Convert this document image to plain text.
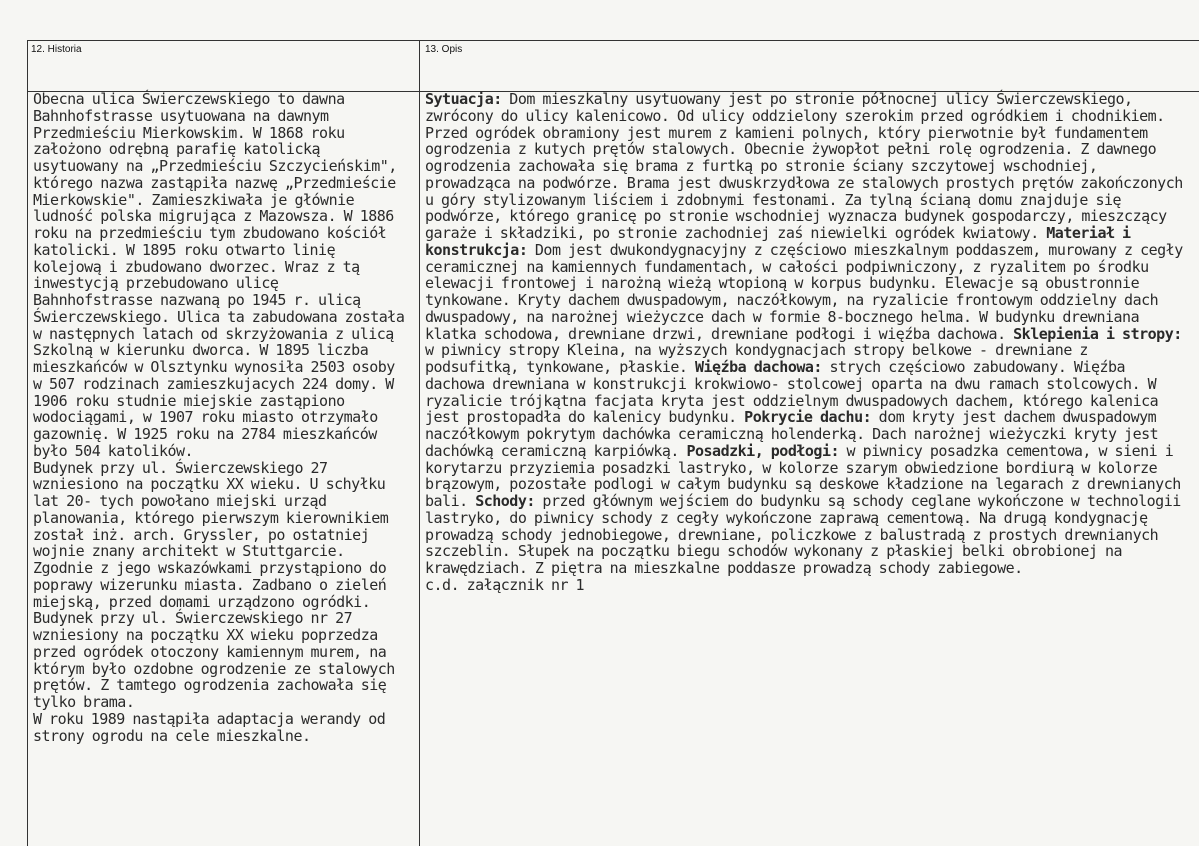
12. Historia	13. Opis

Obecna ulica Świerczewskiego to dawna Bahnhofstrasse usytuowana na dawnym Przedmieściu Mierkowskim. W 1868 roku założono odrębną parafię katolicką usytuowany na „Przedmieściu Szczycieńskim", którego nazwa zastąpiła nazwę „Przedmieście Mierkowskie". Zamieszkiwała je głównie ludność polska migrująca z Mazowsza. W 1886 roku na przedmieściu tym zbudowano kościół katolicki. W 1895 roku otwarto linię kolejową i zbudowano dworzec. Wraz z tą inwestycją przebudowano ulicę Bahnhofstrasse nazwaną po 1945 r. ulicą Świerczewskiego. Ulica ta zabudowana została w następnych latach od skrzyżowania z ulicą Szkolną w kierunku dworca. W 1895 liczba mieszkańców w Olsztynku wynosiła 2503 osoby w 507 rodzinach zamieszkujacych 224 domy. W 1906 roku studnie miejskie zastąpiono wodociągami, w 1907 roku miasto otrzymało gazownię. W 1925 roku na 2784 mieszkańców było 504 katolików.

Budynek przy ul. Świerczewskiego 27 wzniesiono na początku XX wieku. U schyłku lat 20- tych powołano miejski urząd planowania, którego pierwszym kierownikiem został inż. arch. Gryssler, po ostatniej wojnie znany architekt w Stuttgarcie. Zgodnie z jego wskazówkami przystąpiono do poprawy wizerunku miasta. Zadbano o zieleń miejską, przed domami urządzono ogródki. Budynek przy ul. Świerczewskiego nr 27 wzniesiony na początku XX wieku poprzedza przed ogródek otoczony kamiennym murem, na którym było ozdobne ogrodzenie ze stalowych prętów. Z tamtego ogrodzenia zachowała się tylko brama.

W roku 1989 nastąpiła adaptacja werandy od strony ogrodu na cele mieszkalne.

Sytuacja: Dom mieszkalny usytuowany jest po stronie północnej ulicy Świerczewskiego, zwrócony do ulicy kalenicowo. Od ulicy oddzielony szerokim przed ogródkiem i chodnikiem. Przed ogródek obramiony jest murem z kamieni polnych, który pierwotnie był fundamentem ogrodzenia z kutych prętów stalowych. Obecnie żywopłot pełni rolę ogrodzenia. Z dawnego ogrodzenia zachowała się brama z furtką po stronie ściany szczytowej wschodniej, prowadząca na podwórze. Brama jest dwuskrzydłowa ze stalowych prostych prętów zakończonych u góry stylizowanym liściem i zdobnymi festonami. Za tylną ścianą domu znajduje się podwórze, którego granicę po stronie wschodniej wyznacza budynek gospodarczy, mieszczący garaże i składziki, po stronie zachodniej zaś niewielki ogródek kwiatowy. Materiał i konstrukcja: Dom jest dwukondygnacyjny z częściowo mieszkalnym poddaszem, murowany z cegły ceramicznej na kamiennych fundamentach, w całości podpiwniczony, z ryzalitem po środku elewacji frontowej i narożną wieżą wtopioną w korpus budynku. Elewacje są obustronnie tynkowane. Kryty dachem dwuspadowym, naczółkowym, na ryzalicie frontowym oddzielny dach dwuspadowy, na narożnej wieżyczce dach w formie 8-bocznego helma. W budynku drewniana klatka schodowa, drewniane drzwi, drewniane podłogi i więźba dachowa. Sklepienia i stropy: w piwnicy stropy Kleina, na wyższych kondygnacjach stropy belkowe - drewniane z podsufitką, tynkowane, płaskie. Więźba dachowa: strych częściowo zabudowany. Więźba dachowa drewniana w konstrukcji krokwiowo- stolcowej oparta na dwu ramach stolcowych. W ryzalicie trójkątna facjata kryta jest oddzielnym dwuspadowych dachem, którego kalenica jest prostopadła do kalenicy budynku. Pokrycie dachu: dom kryty jest dachem dwuspadowym naczółkowym pokrytym dachówka ceramiczną holenderką. Dach narożnej wieżyczki kryty jest dachówką ceramiczną karpiówką. Posadzki, podłogi: w piwnicy posadzka cementowa, w sieni i korytarzu przyziemia posadzki lastryko, w kolorze szarym obwiedzione bordiurą w kolorze brązowym, pozostałe podlogi w całym budynku są deskowe kładzione na legarach z drewnianych bali. Schody: przed głównym wejściem do budynku są schody ceglane wykończone w technologii lastryko, do piwnicy schody z cegły wykończone zaprawą cementową. Na drugą kondygnację prowadzą schody jednobiegowe, drewniane, policzkowe z balustradą z prostych drewnianych szczeblin. Słupek na początku biegu schodów wykonany z płaskiej belki obrobionej na krawędziach. Z piętra na mieszkalne poddasze prowadzą schody zabiegowe.

c.d. załącznik nr 1
